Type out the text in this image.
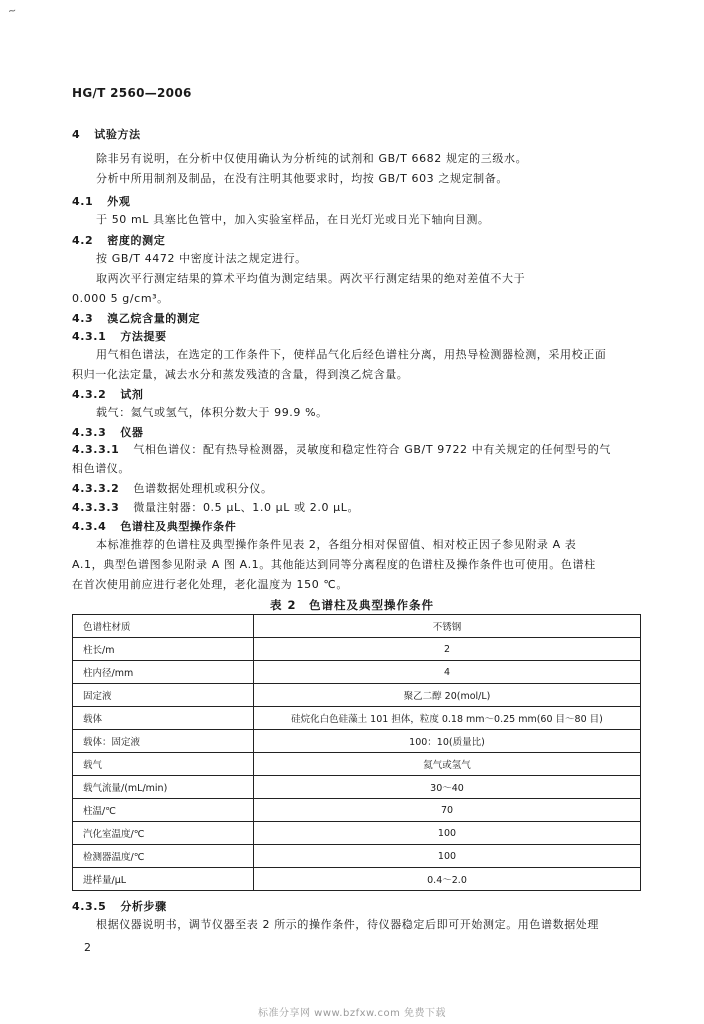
~
HG/T 2560—2006
4 试验方法
除非另有说明，在分析中仅使用确认为分析纯的试剂和 GB/T 6682 规定的三级水。
分析中所用制剂及制品，在没有注明其他要求时，均按 GB/T 603 之规定制备。
4.1 外观
于 50 mL 具塞比色管中，加入实验室样品，在日光灯光或日光下轴向目测。
4.2 密度的测定
按 GB/T 4472 中密度计法之规定进行。
取两次平行测定结果的算术平均值为测定结果。两次平行测定结果的绝对差值不大于
0.000 5 g/cm³。
4.3 溴乙烷含量的测定
4.3.1 方法提要
用气相色谱法，在选定的工作条件下，使样品气化后经色谱柱分离，用热导检测器检测，采用校正面
积归一化法定量，减去水分和蒸发残渣的含量，得到溴乙烷含量。
4.3.2 试剂
载气：氦气或氢气，体积分数大于 99.9 %。
4.3.3 仪器
4.3.3.1 气相色谱仪：配有热导检测器，灵敏度和稳定性符合 GB/T 9722 中有关规定的任何型号的气
相色谱仪。
4.3.3.2 色谱数据处理机或积分仪。
4.3.3.3 微量注射器：0.5 μL、1.0 μL 或 2.0 μL。
4.3.4 色谱柱及典型操作条件
本标准推荐的色谱柱及典型操作条件见表 2，各组分相对保留值、相对校正因子参见附录 A 表
A.1，典型色谱图参见附录 A 图 A.1。其他能达到同等分离程度的色谱柱及操作条件也可使用。色谱柱
在首次使用前应进行老化处理，老化温度为 150 ℃。
表 2　色谱柱及典型操作条件
色谱柱材质	不锈钢
柱长/m	2
柱内径/mm	4
固定液	聚乙二醇 20(mol/L)
载体	硅烷化白色硅藻土 101 担体，粒度 0.18 mm～0.25 mm(60 目～80 目)
载体：固定液	100：10(质量比)
载气	氦气或氢气
载气流量/(mL/min)	30～40
柱温/℃	70
汽化室温度/℃	100
检测器温度/℃	100
进样量/μL	0.4～2.0
4.3.5 分析步骤
根据仪器说明书，调节仪器至表 2 所示的操作条件，待仪器稳定后即可开始测定。用色谱数据处理
2
标准分享网 www.bzfxw.com 免费下载
